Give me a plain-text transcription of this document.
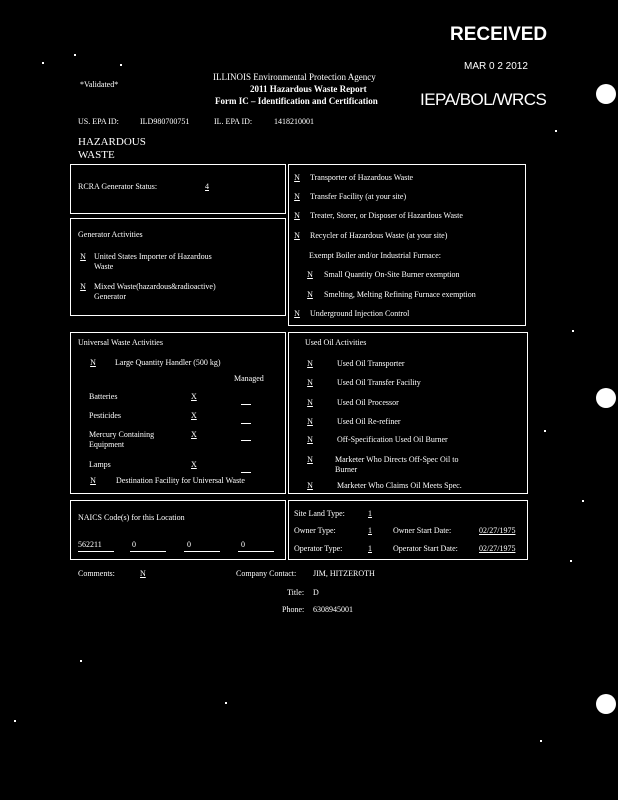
RECEIVED
MAR 0 2 2012
IEPA/BOL/WRCS
*Validated*
ILLINOIS Environmental Protection Agency
2011 Hazardous Waste Report
Form IC – Identification and Certification
US. EPA ID:	ILD980700751	IL. EPA ID:	1418210001
HAZARDOUS
WASTE
RCRA Generator Status:	4
Generator Activities
N United States Importer of Hazardous
Waste
N Mixed Waste(hazardous&radioactive)
Generator
N Transporter of Hazardous Waste
N Transfer Facility (at your site)
N Treater, Storer, or Disposer of Hazardous Waste
N Recycler of Hazardous Waste (at your site)
Exempt Boiler and/or Industrial Furnace:
N Small Quantity On-Site Burner exemption
N Smelting, Melting Refining Furnace exemption
N Underground Injection Control
Universal Waste Activities
N Large Quantity Handler (500 kg)
Managed
Batteries	X
Pesticides	X
Mercury Containing
Equipment
X
Lamps	X
N	Destination Facility for Universal Waste
Used Oil Activities
N	Used Oil Transporter
N	Used Oil Transfer Facility
N	Used Oil Processor
N	Used Oil Re-refiner
N	Off-Specification Used Oil Burner
N	Marketer Who Directs Off-Spec Oil to
Burner
N	Marketer Who Claims Oil Meets Spec.
NAICS Code(s) for this Location
562211	0	0	0
Site Land Type:	1
Owner Type:	1	Owner Start Date:	02/27/1975
Operator Type:	1	Operator Start Date:	02/27/1975
Comments:	N	Company Contact: JIM, HITZEROTH
Title: D
Phone: 6308945001
